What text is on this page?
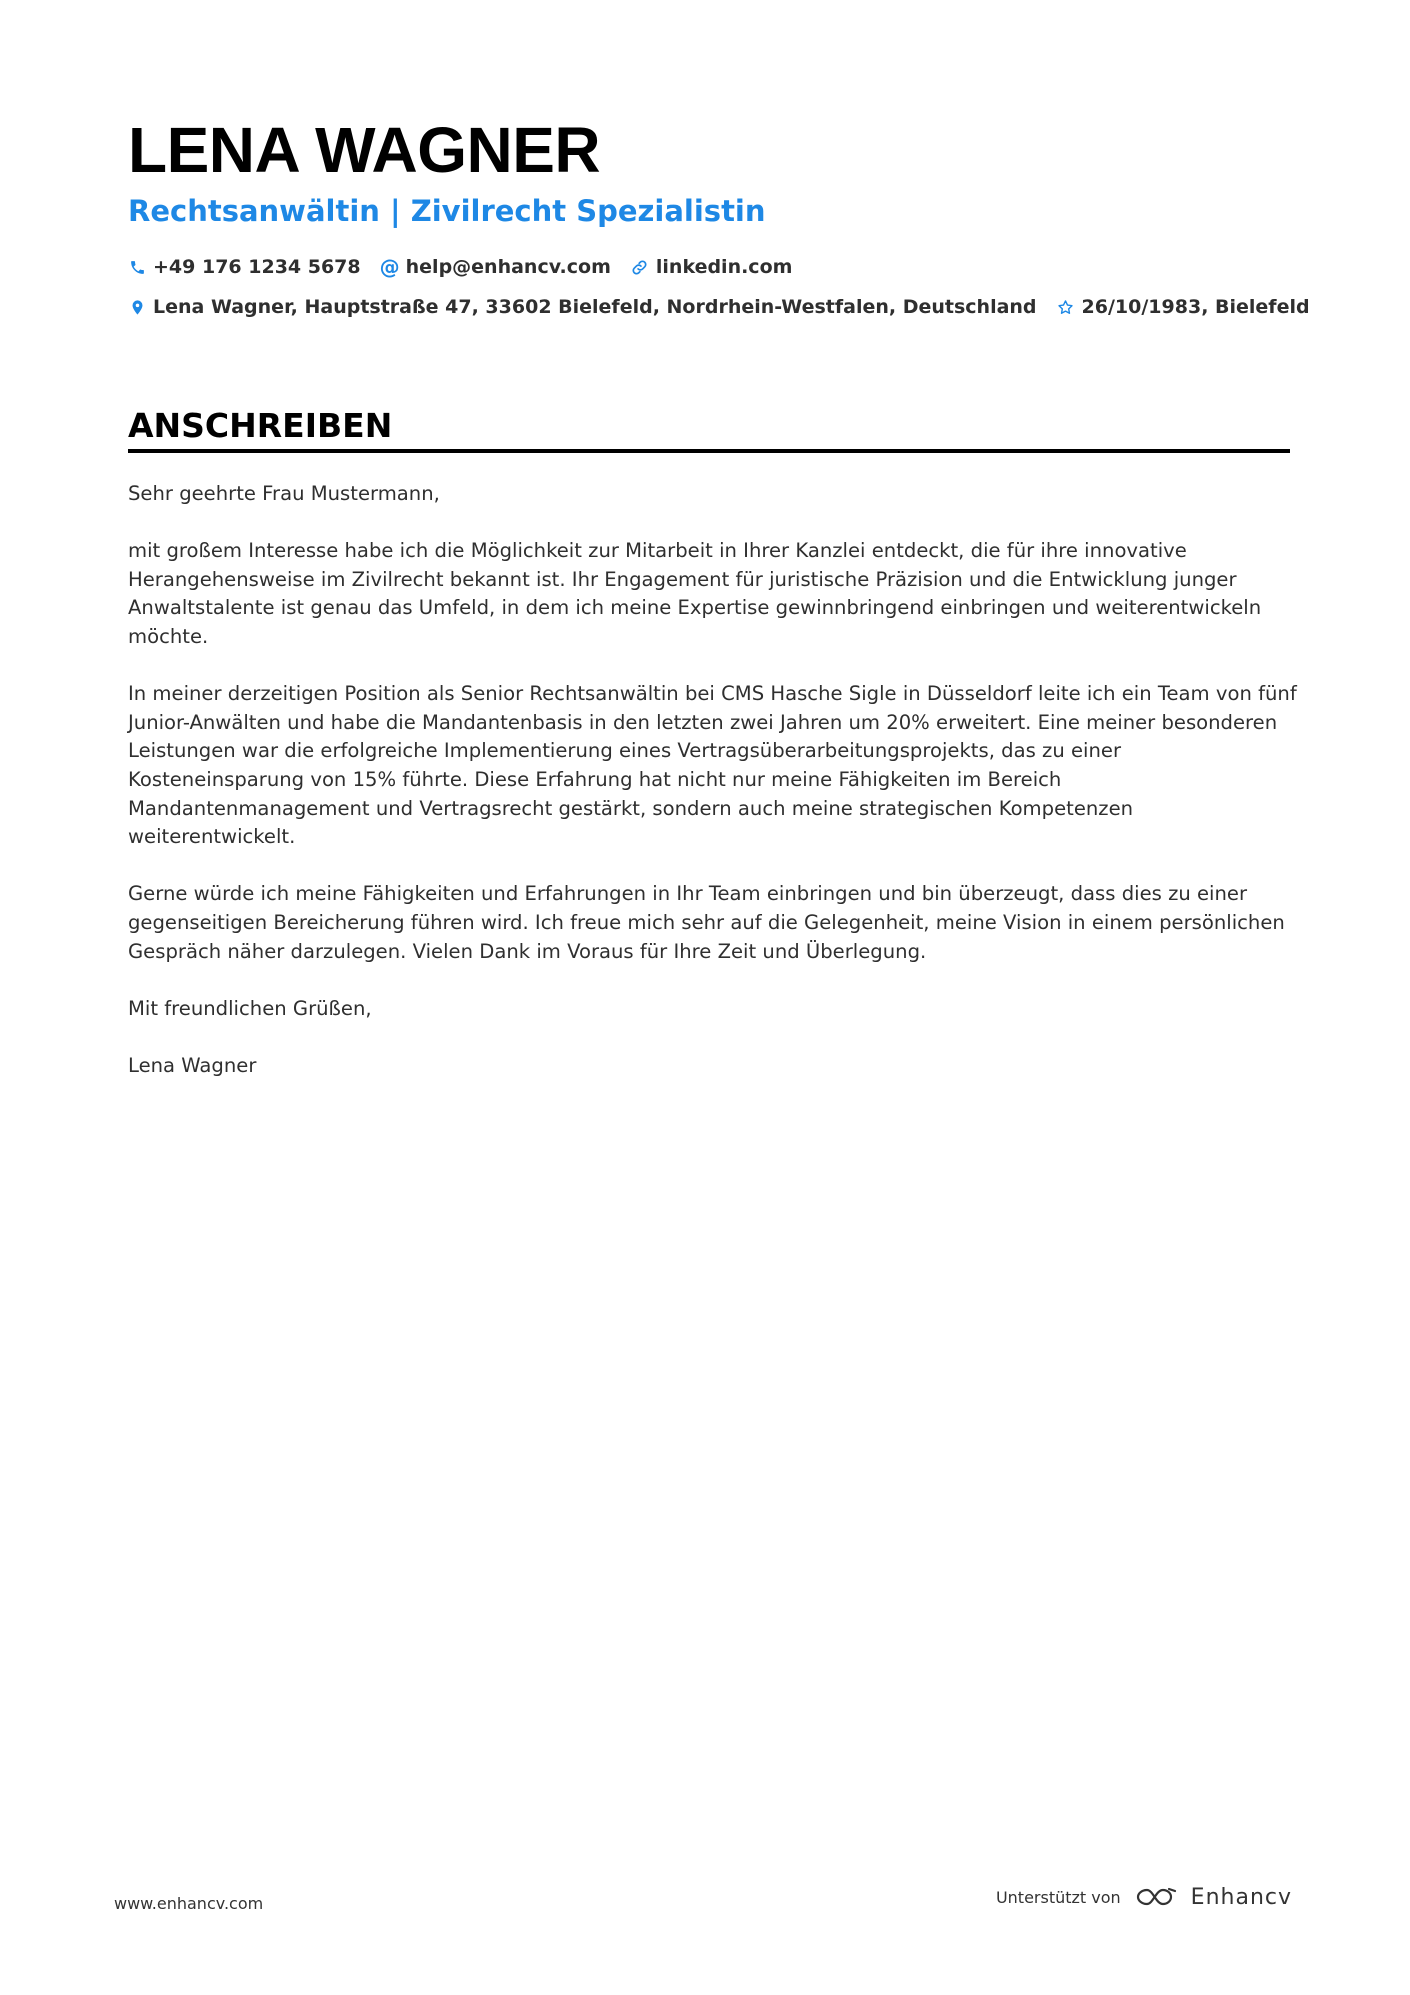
LENA WAGNER
Rechtsanwältin | Zivilrecht Spezialistin
+49 176 1234 5678 @ help@enhancv.com linkedin.com
Lena Wagner, Hauptstraße 47, 33602 Bielefeld, Nordrhein-Westfalen, Deutschland 26/10/1983, Bielefeld
ANSCHREIBEN

Sehr geehrte Frau Mustermann,

mit großem Interesse habe ich die Möglichkeit zur Mitarbeit in Ihrer Kanzlei entdeckt, die für ihre innovative Herangehensweise im Zivilrecht bekannt ist. Ihr Engagement für juristische Präzision und die Entwicklung junger Anwaltstalente ist genau das Umfeld, in dem ich meine Expertise gewinnbringend einbringen und weiterentwickeln möchte.

In meiner derzeitigen Position als Senior Rechtsanwältin bei CMS Hasche Sigle in Düsseldorf leite ich ein Team von fünf Junior-Anwälten und habe die Mandantenbasis in den letzten zwei Jahren um 20% erweitert. Eine meiner besonderen Leistungen war die erfolgreiche Implementierung eines Vertragsüberarbeitungsprojekts, das zu einer Kosteneinsparung von 15% führte. Diese Erfahrung hat nicht nur meine Fähigkeiten im Bereich Mandantenmanagement und Vertragsrecht gestärkt, sondern auch meine strategischen Kompetenzen weiterentwickelt.

Gerne würde ich meine Fähigkeiten und Erfahrungen in Ihr Team einbringen und bin überzeugt, dass dies zu einer gegenseitigen Bereicherung führen wird. Ich freue mich sehr auf die Gelegenheit, meine Vision in einem persönlichen Gespräch näher darzulegen. Vielen Dank im Voraus für Ihre Zeit und Überlegung.

Mit freundlichen Grüßen,

Lena Wagner

www.enhancv.com	Unterstützt von	Enhancv
